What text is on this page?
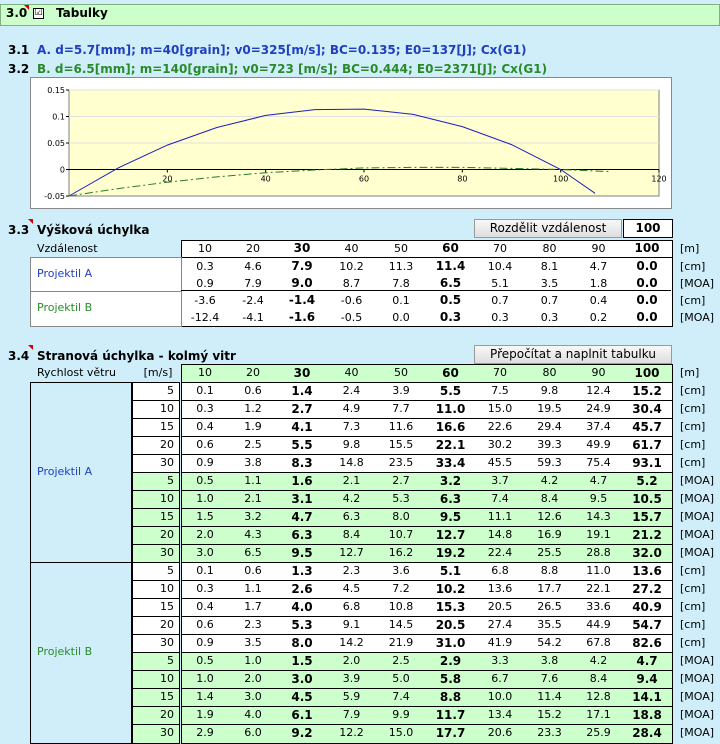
3.0 ☑ Tabulky
3.1 A. d=5.7[mm]; m=40[grain]; v0=325[m/s]; BC=0.135; E0=137[J]; Cx(G1)
3.2 B. d=6.5[mm]; m=140[grain]; v0=723 [m/s]; BC=0.444; E0=2371[J]; Cx(G1)
0.15
0.1
0.05
0
-0.05
20	40	60	80	100	120
3.3 Výšková úchylka	Rozdělit vzdálenost	100
Vzdálenost	10	20	30	40	50	60	70	80	90	100	[m]
Projektil A
Projektil B
0.3	4.6	7.9	10.2	11.3	11.4	10.4	8.1	4.7	0.0	[cm]
0.9	7.9	9.0	8.7	7.8	6.5	5.1	3.5	1.8	0.0	[MOA]
-3.6	-2.4	-1.4	-0.6	0.1	0.5	0.7	0.7	0.4	0.0	[cm]
-12.4	-4.1	-1.6	-0.5	0.0	0.3	0.3	0.3	0.2	0.0	[MOA]
3.4 Stranová úchylka - kolmý vitr	Přepočítat a naplnit tabulku
Rychlost větru	[m/s]	10	20	30	40	50	60	70	80	90	100	[m]
Projektil A
Projektil B
5	0.1	0.6	1.4	2.4	3.9	5.5	7.5	9.8	12.4	15.2	[cm]
10	0.3	1.2	2.7	4.9	7.7	11.0	15.0	19.5	24.9	30.4	[cm]
15	0.4	1.9	4.1	7.3	11.6	16.6	22.6	29.4	37.4	45.7	[cm]
20	0.6	2.5	5.5	9.8	15.5	22.1	30.2	39.3	49.9	61.7	[cm]
30	0.9	3.8	8.3	14.8	23.5	33.4	45.5	59.3	75.4	93.1	[cm]
5	0.5	1.1	1.6	2.1	2.7	3.2	3.7	4.2	4.7	5.2	[MOA]
10	1.0	2.1	3.1	4.2	5.3	6.3	7.4	8.4	9.5	10.5	[MOA]
15	1.5	3.2	4.7	6.3	8.0	9.5	11.1	12.6	14.3	15.7	[MOA]
20	2.0	4.3	6.3	8.4	10.7	12.7	14.8	16.9	19.1	21.2	[MOA]
30	3.0	6.5	9.5	12.7	16.2	19.2	22.4	25.5	28.8	32.0	[MOA]
5	0.1	0.6	1.3	2.3	3.6	5.1	6.8	8.8	11.0	13.6	[cm]
10	0.3	1.1	2.6	4.5	7.2	10.2	13.6	17.7	22.1	27.2	[cm]
15	0.4	1.7	4.0	6.8	10.8	15.3	20.5	26.5	33.6	40.9	[cm]
20	0.6	2.3	5.3	9.1	14.5	20.5	27.4	35.5	44.9	54.7	[cm]
30	0.9	3.5	8.0	14.2	21.9	31.0	41.9	54.2	67.8	82.6	[cm]
5	0.5	1.0	1.5	2.0	2.5	2.9	3.3	3.8	4.2	4.7	[MOA]
10	1.0	2.0	3.0	3.9	5.0	5.8	6.7	7.6	8.4	9.4	[MOA]
15	1.4	3.0	4.5	5.9	7.4	8.8	10.0	11.4	12.8	14.1	[MOA]
20	1.9	4.0	6.1	7.9	9.9	11.7	13.4	15.2	17.1	18.8	[MOA]
30	2.9	6.0	9.2	12.2	15.0	17.7	20.6	23.3	25.9	28.4	[MOA]
